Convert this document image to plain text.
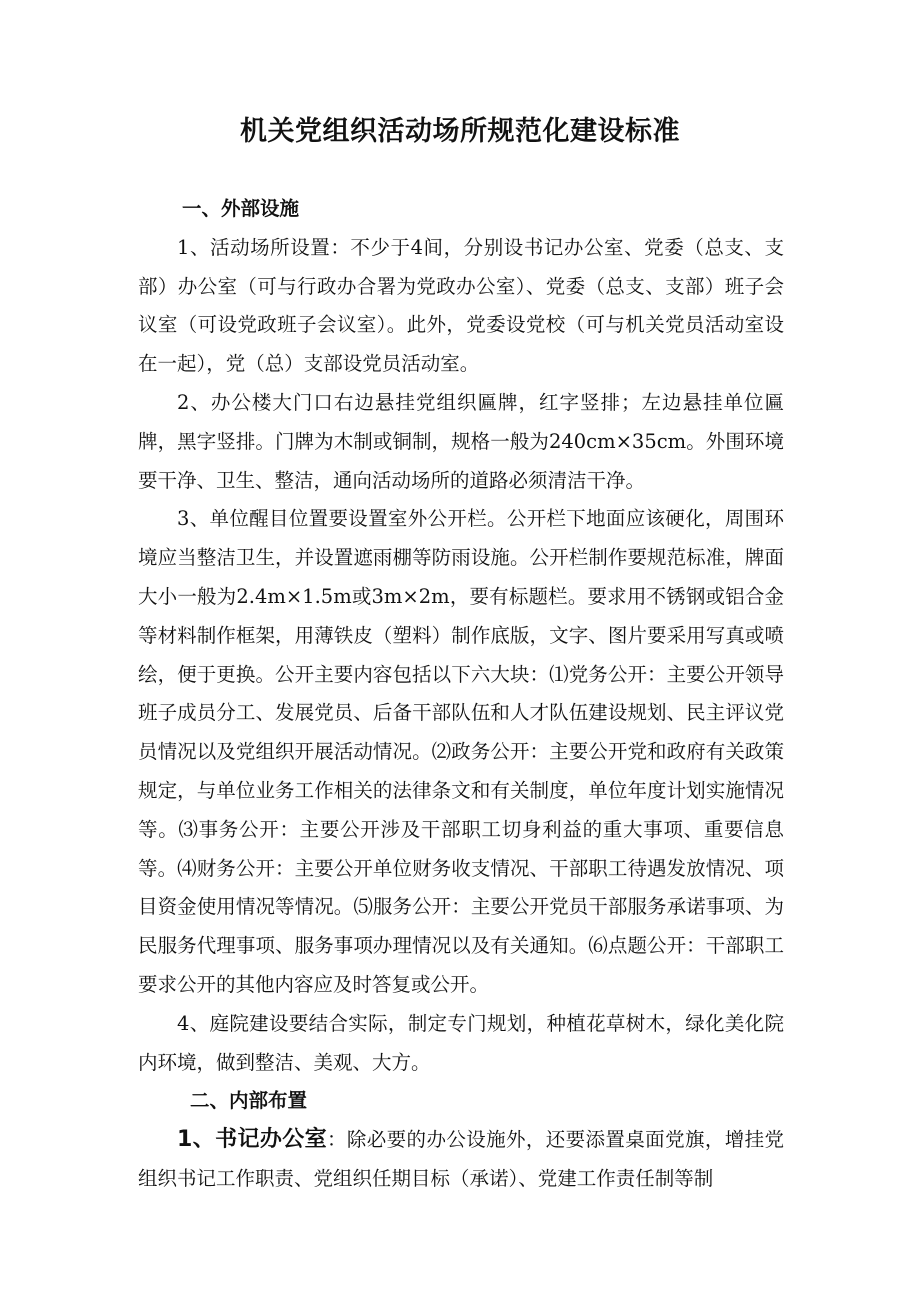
机关党组织活动场所规范化建设标准
一、外部设施

1、活动场所设置：不少于4间，分别设书记办公室、党委（总支、支部）办公室（可与行政办合署为党政办公室）、党委（总支、支部）班子会议室（可设党政班子会议室）。此外，党委设党校（可与机关党员活动室设在一起），党（总）支部设党员活动室。

2、办公楼大门口右边悬挂党组织匾牌，红字竖排；左边悬挂单位匾牌，黑字竖排。门牌为木制或铜制，规格一般为240cm×35cm。外围环境要干净、卫生、整洁，通向活动场所的道路必须清洁干净。

3、单位醒目位置要设置室外公开栏。公开栏下地面应该硬化，周围环境应当整洁卫生，并设置遮雨棚等防雨设施。公开栏制作要规范标准，牌面大小一般为2.4m×1.5m或3m×2m，要有标题栏。要求用不锈钢或铝合金等材料制作框架，用薄铁皮（塑料）制作底版，文字、图片要采用写真或喷绘，便于更换。公开主要内容包括以下六大块：⑴党务公开：主要公开领导班子成员分工、发展党员、后备干部队伍和人才队伍建设规划、民主评议党员情况以及党组织开展活动情况。⑵政务公开：主要公开党和政府有关政策规定，与单位业务工作相关的法律条文和有关制度，单位年度计划实施情况等。⑶事务公开：主要公开涉及干部职工切身利益的重大事项、重要信息等。⑷财务公开：主要公开单位财务收支情况、干部职工待遇发放情况、项目资金使用情况等情况。⑸服务公开：主要公开党员干部服务承诺事项、为民服务代理事项、服务事项办理情况以及有关通知。⑹点题公开：干部职工要求公开的其他内容应及时答复或公开。

4、庭院建设要结合实际，制定专门规划，种植花草树木，绿化美化院内环境，做到整洁、美观、大方。

二、内部布置

1、书记办公室：除必要的办公设施外，还要添置桌面党旗，增挂党组织书记工作职责、党组织任期目标（承诺）、党建工作责任制等制
